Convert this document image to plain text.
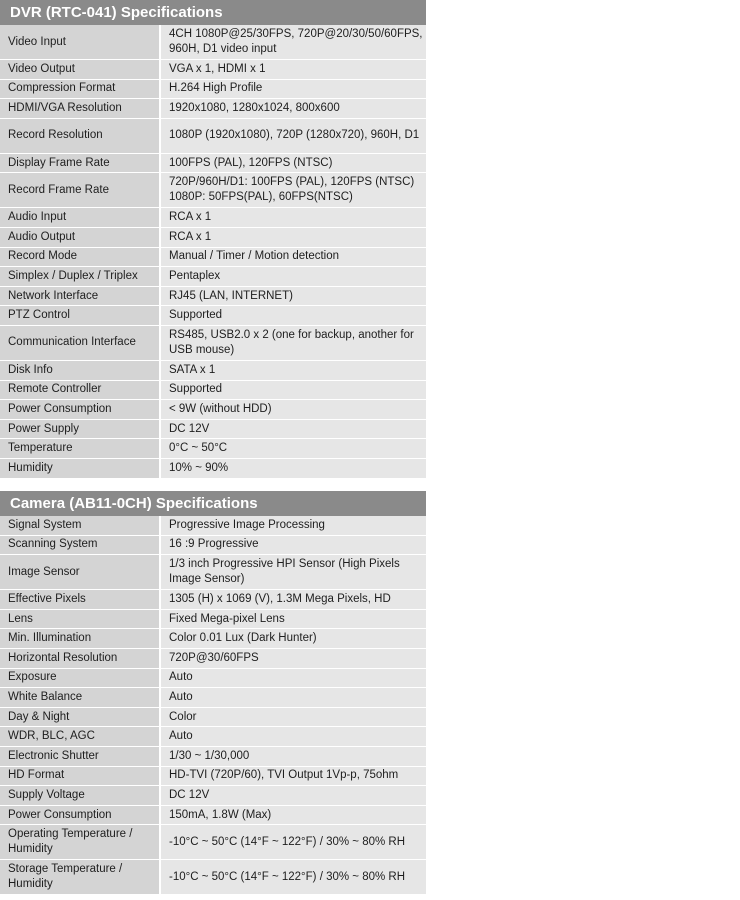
DVR (RTC-041) Specifications
Video Input	4CH 1080P@25/30FPS, 720P@20/30/50/60FPS, 960H, D1 video input
Video Output	VGA x 1, HDMI x 1
Compression Format	H.264 High Profile
HDMI/VGA Resolution	1920x1080, 1280x1024, 800x600
Record Resolution	1080P (1920x1080), 720P (1280x720), 960H, D1
Display Frame Rate	100FPS (PAL), 120FPS (NTSC)
Record Frame Rate	720P/960H/D1: 100FPS (PAL), 120FPS (NTSC) 1080P: 50FPS(PAL), 60FPS(NTSC)
Audio Input	RCA x 1
Audio Output	RCA x 1
Record Mode	Manual / Timer / Motion detection
Simplex / Duplex / Triplex	Pentaplex
Network Interface	RJ45 (LAN, INTERNET)
PTZ Control	Supported
Communication Interface	RS485, USB2.0 x 2 (one for backup, another for USB mouse)
Disk Info	SATA x 1
Remote Controller	Supported
Power Consumption	< 9W (without HDD)
Power Supply	DC 12V
Temperature	0°C ~ 50°C
Humidity	10% ~ 90%
Camera (AB11-0CH) Specifications
Signal System	Progressive Image Processing
Scanning System	16 :9 Progressive
Image Sensor	1/3 inch Progressive HPI Sensor (High Pixels Image Sensor)
Effective Pixels	1305 (H) x 1069 (V), 1.3M Mega Pixels, HD
Lens	Fixed Mega-pixel Lens
Min. Illumination	Color 0.01 Lux (Dark Hunter)
Horizontal Resolution	720P@30/60FPS
Exposure	Auto
White Balance	Auto
Day & Night	Color
WDR, BLC, AGC	Auto
Electronic Shutter	1/30 ~ 1/30,000
HD Format	HD-TVI (720P/60), TVI Output 1Vp-p, 75ohm
Supply Voltage	DC 12V
Power Consumption	150mA, 1.8W (Max)
Operating Temperature / Humidity	-10°C ~ 50°C (14°F ~ 122°F) / 30% ~ 80% RH
Storage Temperature / Humidity	-10°C ~ 50°C (14°F ~ 122°F) / 30% ~ 80% RH
